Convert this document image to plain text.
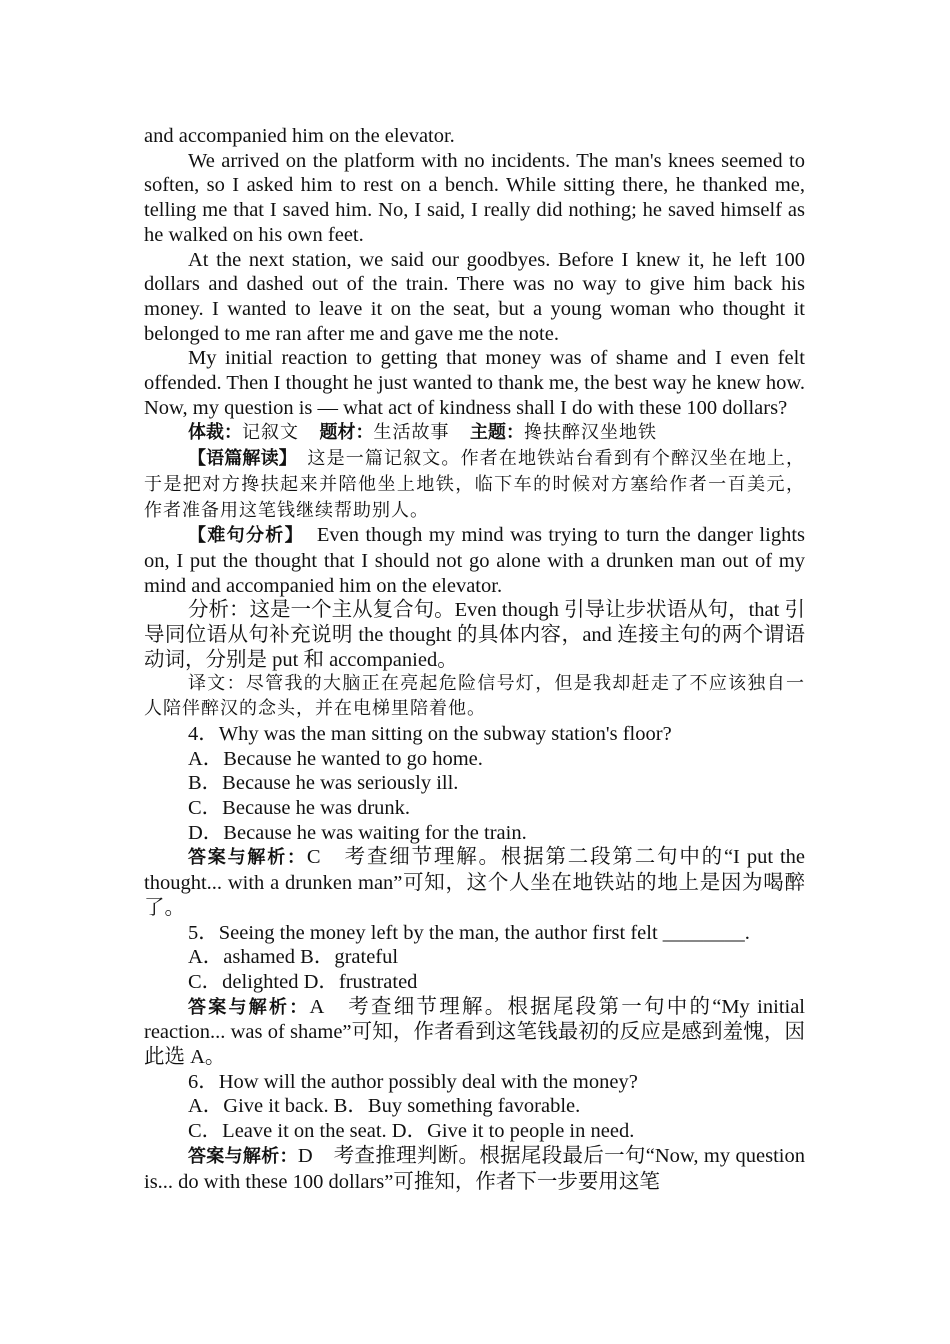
and accompanied him on the elevator.

We arrived on the platform with no incidents. The man's knees seemed to soften, so I asked him to rest on a bench. While sitting there, he thanked me, telling me that I saved him. No, I said, I really did nothing; he saved himself as he walked on his own feet.

At the next station, we said our goodbyes. Before I knew it, he left 100 dollars and dashed out of the train. There was no way to give him back his money. I wanted to leave it on the seat, but a young woman who thought it belonged to me ran after me and gave me the note.

My initial reaction to getting that money was of shame and I even felt offended. Then I thought he just wanted to thank me, the best way he knew how. Now, my question is — what act of kindness shall I do with these 100 dollars?

体裁：记叙文 题材：生活故事 主题：搀扶醉汉坐地铁

【语篇解读】 这是一篇记叙文。作者在地铁站台看到有个醉汉坐在地上，于是把对方搀扶起来并陪他坐上地铁，临下车的时候对方塞给作者一百美元，作者准备用这笔钱继续帮助别人。

【难句分析】 Even though my mind was trying to turn the danger lights on, I put the thought that I should not go alone with a drunken man out of my mind and accompanied him on the elevator.

分析：这是一个主从复合句。Even though 引导让步状语从句，that 引导同位语从句补充说明 the thought 的具体内容，and 连接主句的两个谓语动词，分别是 put 和 accompanied。

译文：尽管我的大脑正在亮起危险信号灯，但是我却赶走了不应该独自一人陪伴醉汉的念头，并在电梯里陪着他。

4．Why was the man sitting on the subway station's floor?

A．Because he wanted to go home.

B．Because he was seriously ill.

C．Because he was drunk.

D．Because he was waiting for the train.

答案与解析：C　考查细节理解。根据第二段第二句中的“I put the thought... with a drunken man”可知，这个人坐在地铁站的地上是因为喝醉了。

5．Seeing the money left by the man, the author first felt ________.

A．ashamed B．grateful

C．delighted D．frustrated

答案与解析：A　考查细节理解。根据尾段第一句中的“My initial reaction... was of shame”可知，作者看到这笔钱最初的反应是感到羞愧，因此选 A。

6．How will the author possibly deal with the money?

A．Give it back. B．Buy something favorable.

C．Leave it on the seat. D．Give it to people in need.

答案与解析：D　考查推理判断。根据尾段最后一句“Now, my question is... do with these 100 dollars”可推知，作者下一步要用这笔
